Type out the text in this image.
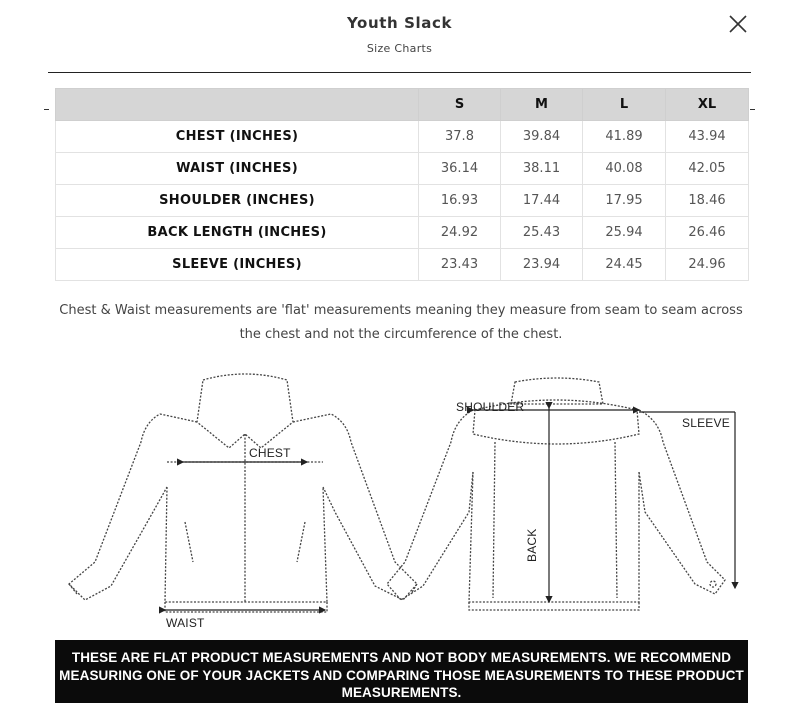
Youth Slack
Size Charts
	S	M	L	XL
CHEST (INCHES)	37.8	39.84	41.89	43.94
WAIST (INCHES)	36.14	38.11	40.08	42.05
SHOULDER (INCHES)	16.93	17.44	17.95	18.46
BACK LENGTH (INCHES)	24.92	25.43	25.94	26.46
SLEEVE (INCHES)	23.43	23.94	24.45	24.96
Chest & Waist measurements are 'flat' measurements meaning they measure from seam to seam across the chest and not the circumference of the chest.
CHEST
WAIST
SHOULDER
SLEEVE
BACK
THESE ARE FLAT PRODUCT MEASUREMENTS AND NOT BODY MEASUREMENTS. WE RECOMMEND MEASURING ONE OF YOUR JACKETS AND COMPARING THOSE MEASUREMENTS TO THESE PRODUCT MEASUREMENTS.
